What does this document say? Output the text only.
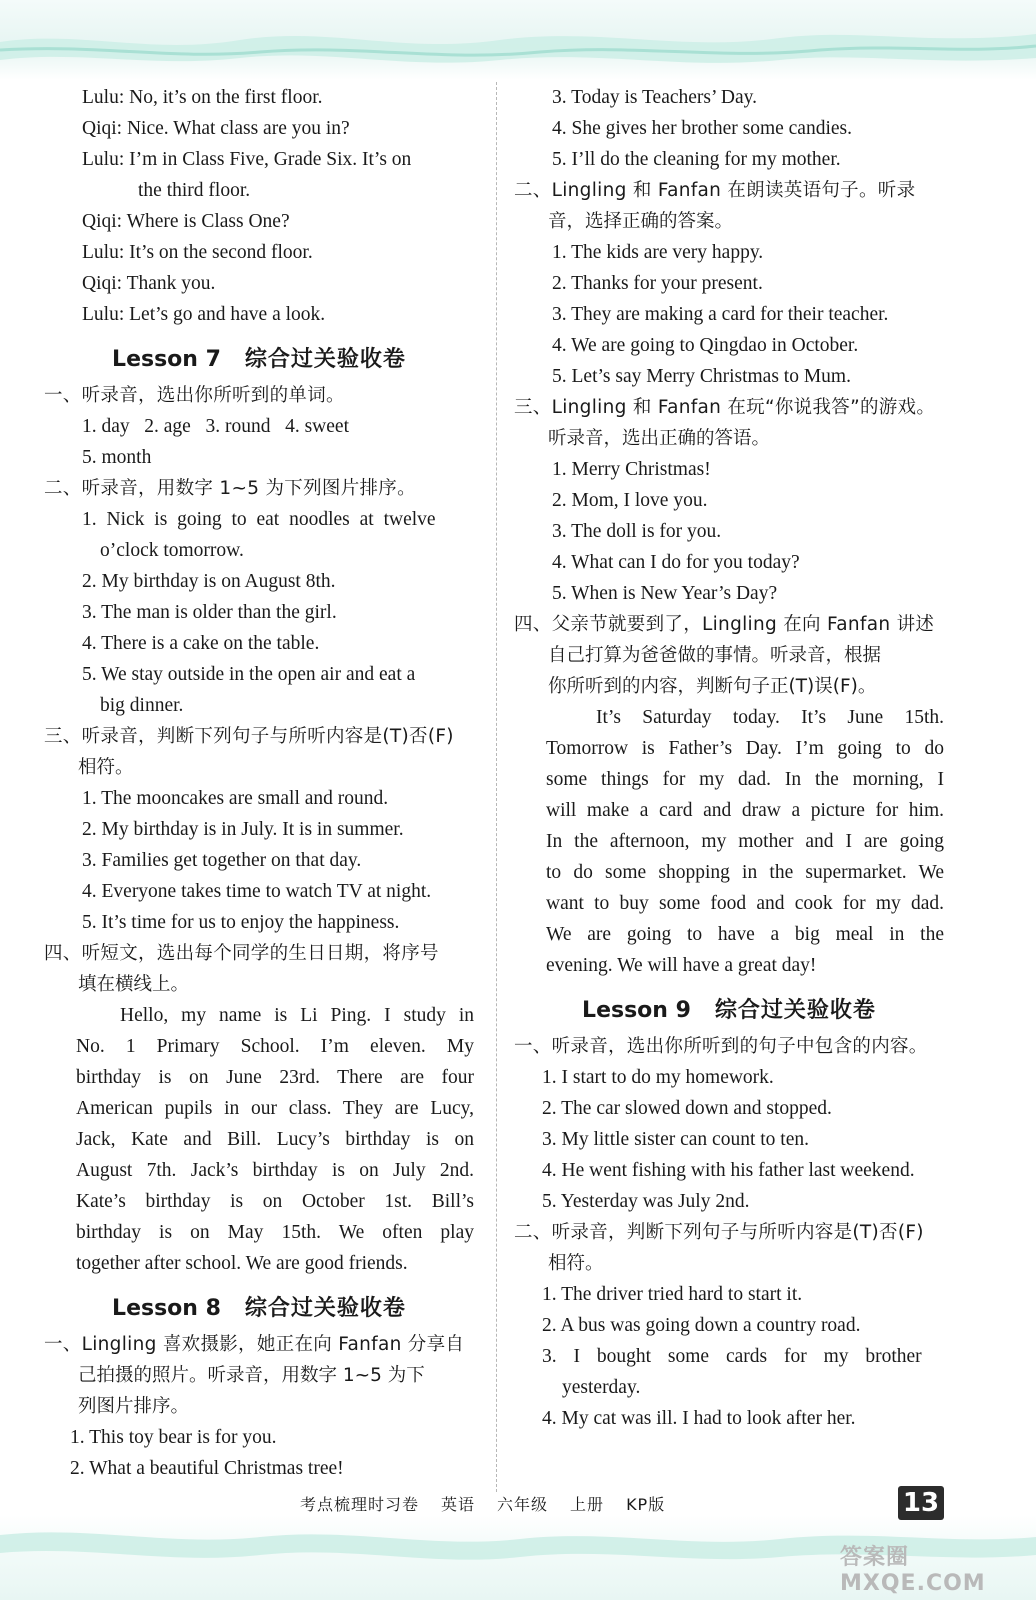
Lulu: No, it’s on the first floor.
Qiqi: Nice. What class are you in?
Lulu: I’m in Class Five, Grade Six. It’s on
the third floor.
Qiqi: Where is Class One?
Lulu: It’s on the second floor.
Qiqi: Thank you.
Lulu: Let’s go and have a look.
Lesson 7 综合过关验收卷
一、听录音，选出你所听到的单词。
1. day   2. age   3. round   4. sweet
5. month
二、听录音，用数字 1~5 为下列图片排序。
1. Nick is going to eat noodles at twelve
o’clock tomorrow.
2. My birthday is on August 8th.
3. The man is older than the girl.
4. There is a cake on the table.
5. We stay outside in the open air and eat a
big dinner.
三、听录音，判断下列句子与所听内容是(T)否(F)
相符。
1. The mooncakes are small and round.
2. My birthday is in July. It is in summer.
3. Families get together on that day.
4. Everyone takes time to watch TV at night.
5. It’s time for us to enjoy the happiness.
四、听短文，选出每个同学的生日日期，将序号
填在横线上。
Hello, my name is Li Ping. I study in
No. 1 Primary School. I’m eleven. My
birthday is on June 23rd. There are four
American pupils in our class. They are Lucy,
Jack, Kate and Bill. Lucy’s birthday is on
August 7th. Jack’s birthday is on July 2nd.
Kate’s birthday is on October 1st. Bill’s
birthday is on May 15th. We often play
together after school. We are good friends.
Lesson 8 综合过关验收卷
一、Lingling 喜欢摄影，她正在向 Fanfan 分享自
己拍摄的照片。听录音，用数字 1~5 为下
列图片排序。
1. This toy bear is for you.
2. What a beautiful Christmas tree!
3. Today is Teachers’ Day.
4. She gives her brother some candies.
5. I’ll do the cleaning for my mother.
二、Lingling 和 Fanfan 在朗读英语句子。听录
音，选择正确的答案。
1. The kids are very happy.
2. Thanks for your present.
3. They are making a card for their teacher.
4. We are going to Qingdao in October.
5. Let’s say Merry Christmas to Mum.
三、Lingling 和 Fanfan 在玩“你说我答”的游戏。
听录音，选出正确的答语。
1. Merry Christmas!
2. Mom, I love you.
3. The doll is for you.
4. What can I do for you today?
5. When is New Year’s Day?
四、父亲节就要到了，Lingling 在向 Fanfan 讲述
自己打算为爸爸做的事情。听录音，根据
你所听到的内容，判断句子正(T)误(F)。
It’s Saturday today. It’s June 15th.
Tomorrow is Father’s Day. I’m going to do
some things for my dad. In the morning, I
will make a card and draw a picture for him.
In the afternoon, my mother and I are going
to do some shopping in the supermarket. We
want to buy some food and cook for my dad.
We are going to have a big meal in the
evening. We will have a great day!
Lesson 9 综合过关验收卷
一、听录音，选出你所听到的句子中包含的内容。
1. I start to do my homework.
2. The car slowed down and stopped.
3. My little sister can count to ten.
4. He went fishing with his father last weekend.
5. Yesterday was July 2nd.
二、听录音，判断下列句子与所听内容是(T)否(F)
相符。
1. The driver tried hard to start it.
2. A bus was going down a country road.
3. I bought some cards for my brother
yesterday.
4. My cat was ill. I had to look after her.
考点梳理时习卷 英语 六年级 上册 KP版	13
答案圈 MXQE.COM
